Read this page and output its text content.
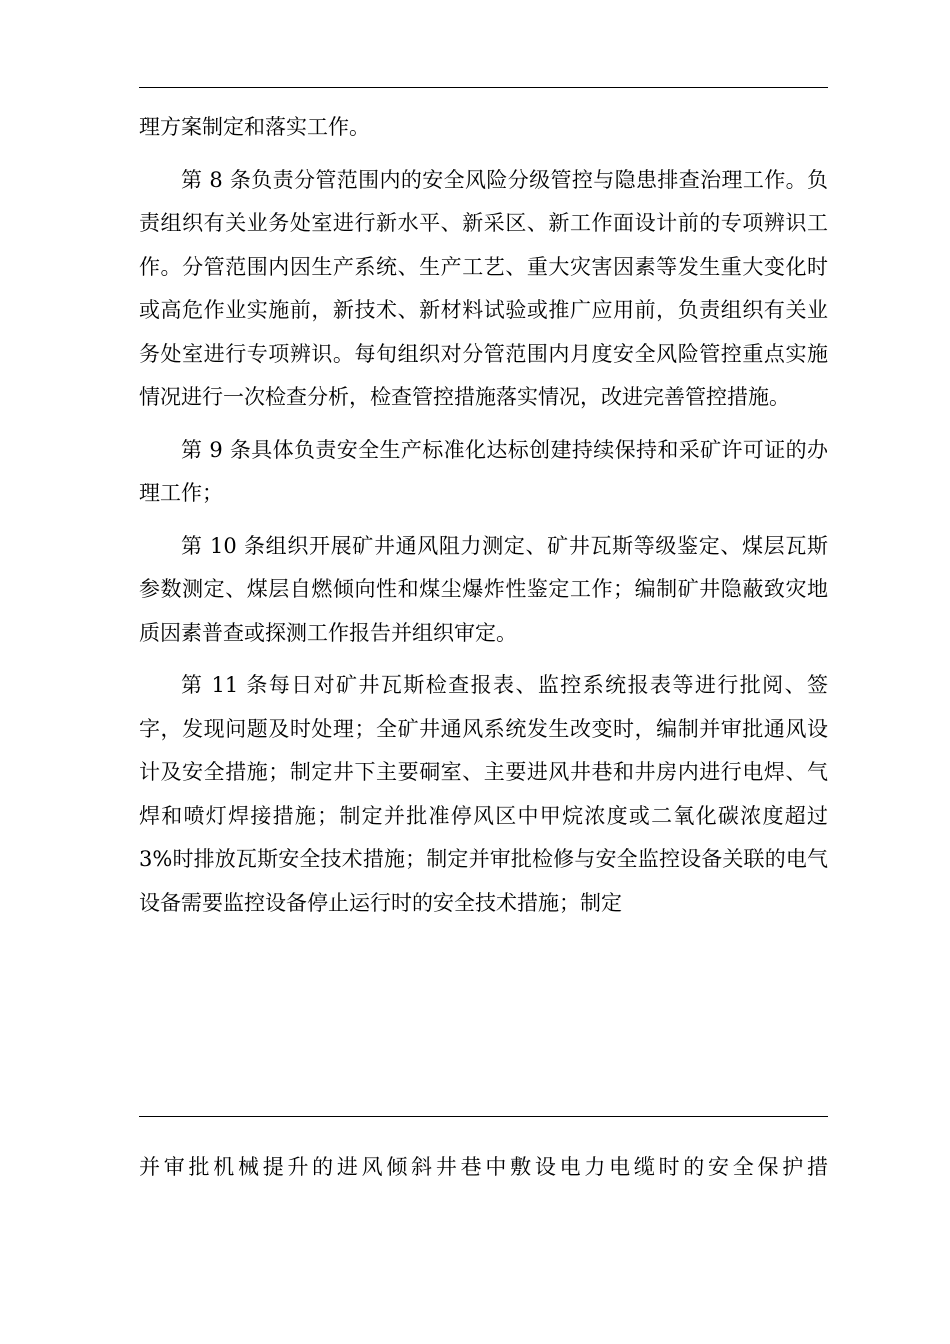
理方案制定和落实工作。

第 8 条负责分管范围内的安全风险分级管控与隐患排查治理工作。负责组织有关业务处室进行新水平、新采区、新工作面设计前的专项辨识工作。分管范围内因生产系统、生产工艺、重大灾害因素等发生重大变化时或高危作业实施前，新技术、新材料试验或推广应用前，负责组织有关业务处室进行专项辨识。每旬组织对分管范围内月度安全风险管控重点实施情况进行一次检查分析，检查管控措施落实情况，改进完善管控措施。

第 9 条具体负责安全生产标准化达标创建持续保持和采矿许可证的办理工作；

第 10 条组织开展矿井通风阻力测定、矿井瓦斯等级鉴定、煤层瓦斯参数测定、煤层自燃倾向性和煤尘爆炸性鉴定工作；编制矿井隐蔽致灾地质因素普查或探测工作报告并组织审定。

第 11 条每日对矿井瓦斯检查报表、监控系统报表等进行批阅、签字，发现问题及时处理；全矿井通风系统发生改变时，编制并审批通风设计及安全措施；制定井下主要硐室、主要进风井巷和井房内进行电焊、气焊和喷灯焊接措施；制定并批准停风区中甲烷浓度或二氧化碳浓度超过 3%时排放瓦斯安全技术措施；制定并审批检修与安全监控设备关联的电气设备需要监控设备停止运行时的安全技术措施；制定

并审批机械提升的进风倾斜井巷中敷设电力电缆时的安全保护措
